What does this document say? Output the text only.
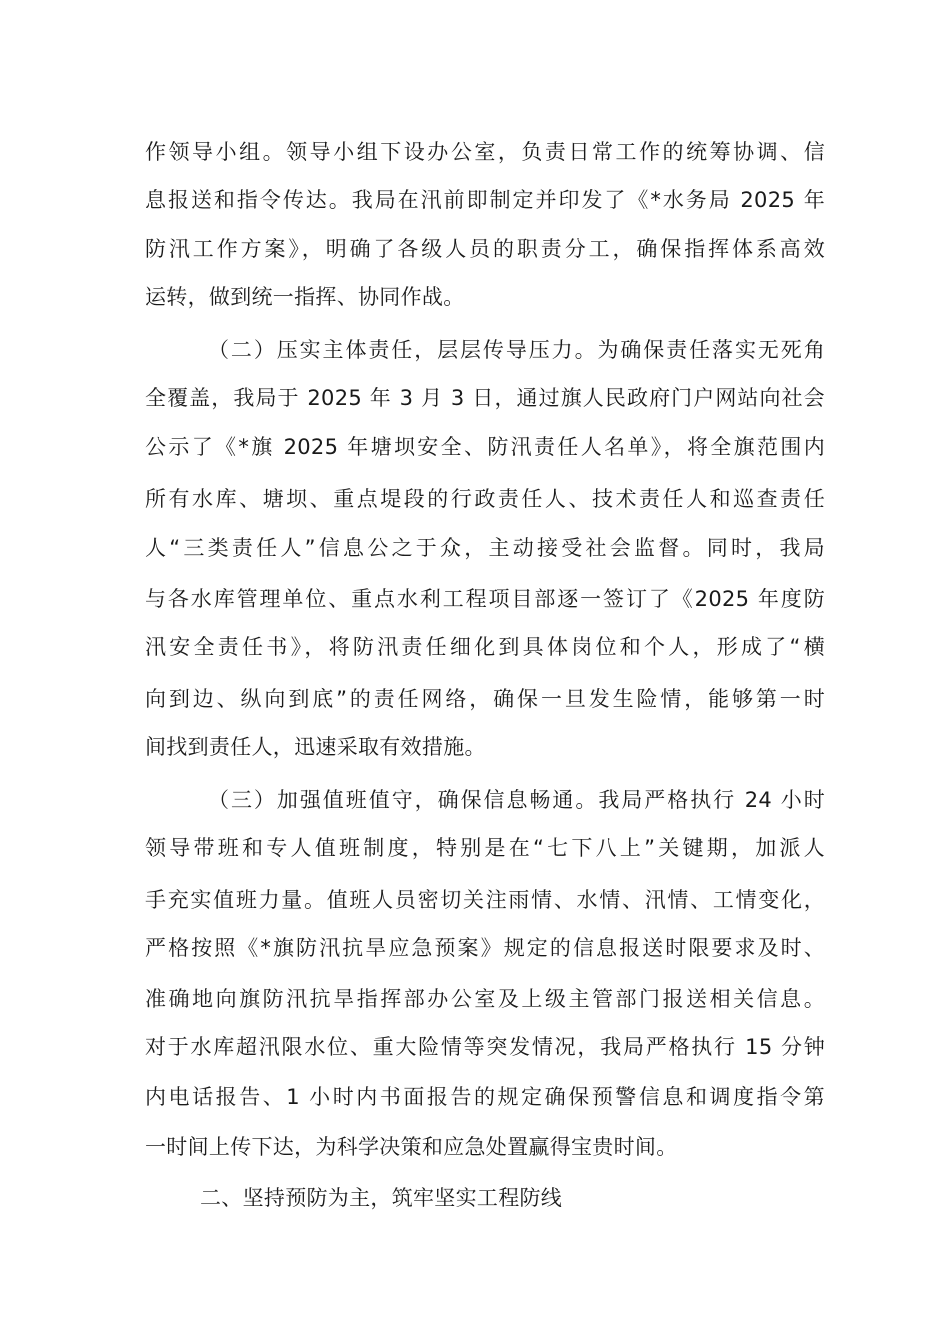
作领导小组。领导小组下设办公室，负责日常工作的统筹协调、信
息报送和指令传达。我局在汛前即制定并印发了《*水务局 2025 年
防汛工作方案》，明确了各级人员的职责分工，确保指挥体系高效
运转，做到统一指挥、协同作战。
（二）压实主体责任，层层传导压力。为确保责任落实无死角
全覆盖，我局于 2025 年 3 月 3 日，通过旗人民政府门户网站向社会
公示了《*旗 2025 年塘坝安全、防汛责任人名单》，将全旗范围内
所有水库、塘坝、重点堤段的行政责任人、技术责任人和巡查责任
人“三类责任人”信息公之于众，主动接受社会监督。同时，我局
与各水库管理单位、重点水利工程项目部逐一签订了《2025 年度防
汛安全责任书》，将防汛责任细化到具体岗位和个人，形成了“横
向到边、纵向到底”的责任网络，确保一旦发生险情，能够第一时
间找到责任人，迅速采取有效措施。
（三）加强值班值守，确保信息畅通。我局严格执行 24 小时
领导带班和专人值班制度，特别是在“七下八上”关键期，加派人
手充实值班力量。值班人员密切关注雨情、水情、汛情、工情变化，
严格按照《*旗防汛抗旱应急预案》规定的信息报送时限要求及时、
准确地向旗防汛抗旱指挥部办公室及上级主管部门报送相关信息。
对于水库超汛限水位、重大险情等突发情况，我局严格执行 15 分钟
内电话报告、1 小时内书面报告的规定确保预警信息和调度指令第
一时间上传下达，为科学决策和应急处置赢得宝贵时间。
二、坚持预防为主，筑牢坚实工程防线
